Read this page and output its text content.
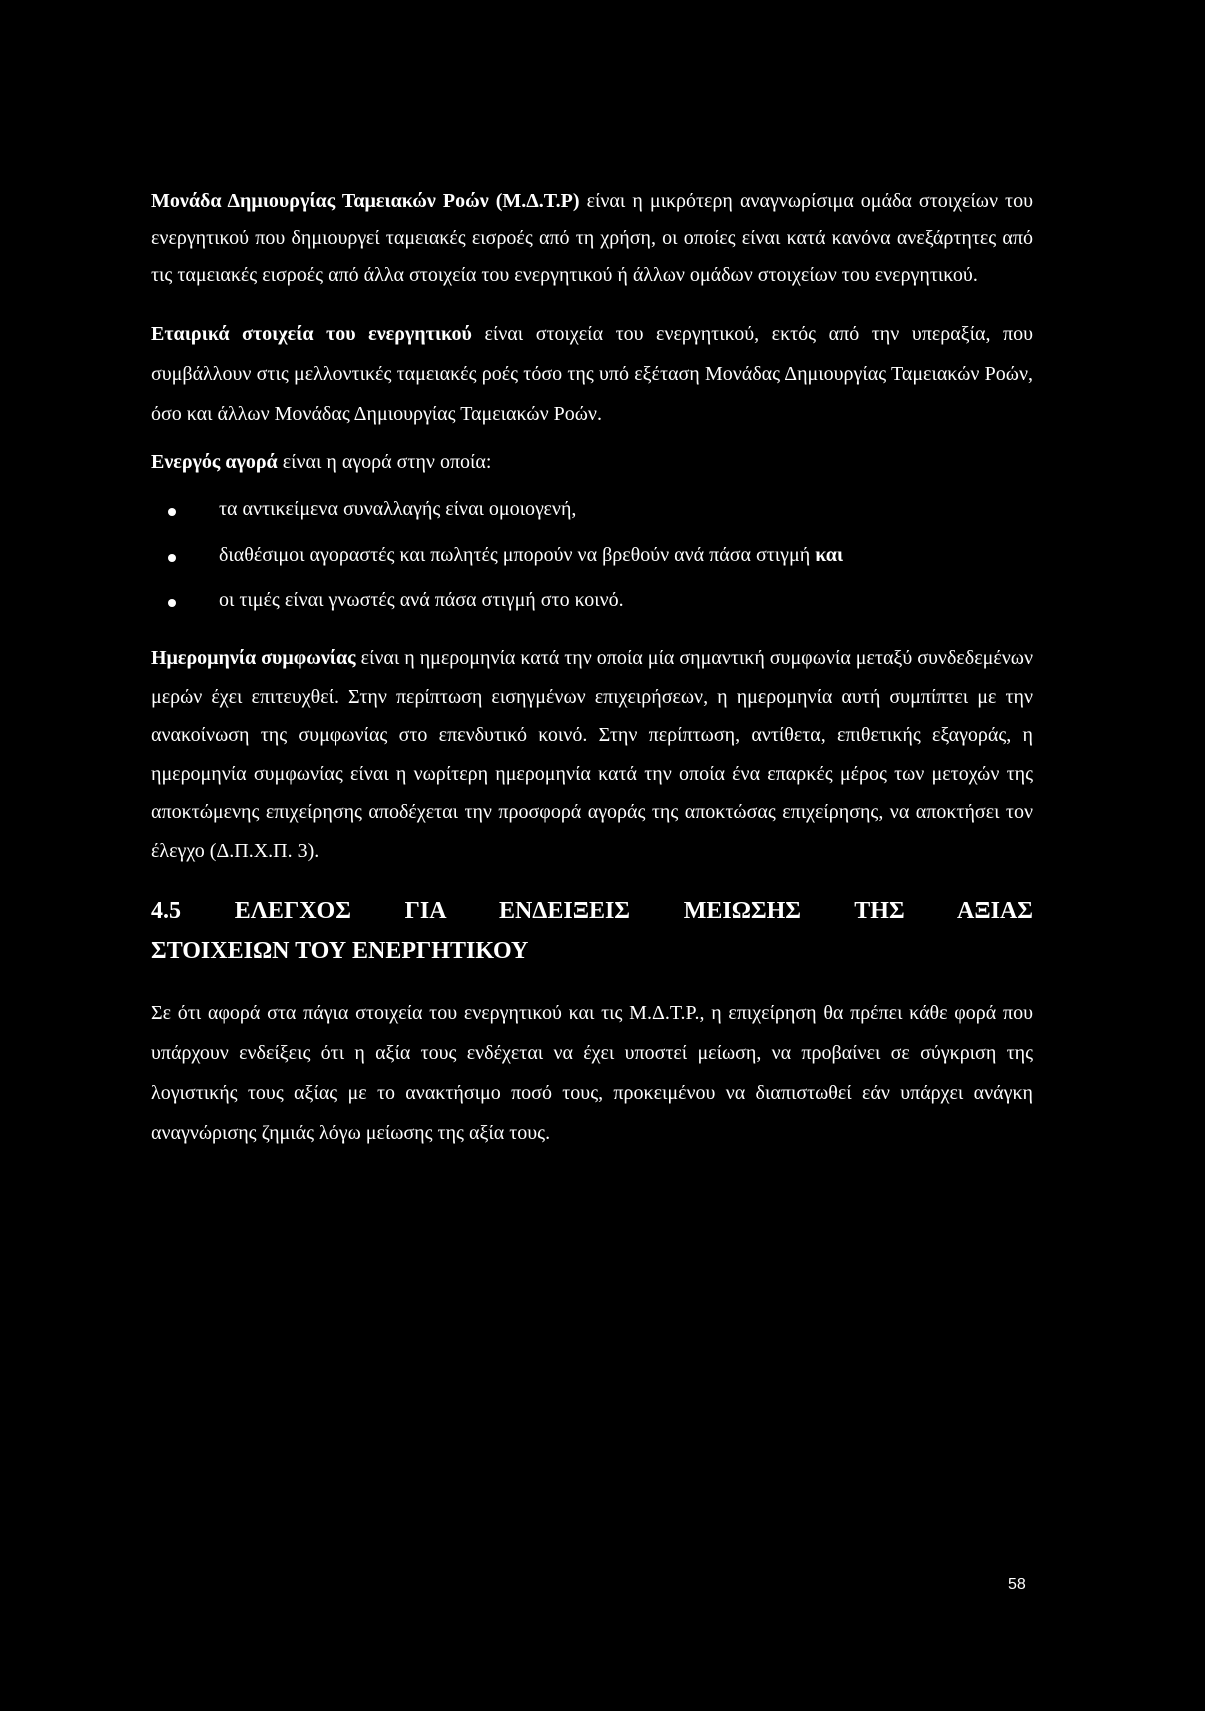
Μονάδα Δημιουργίας Ταμειακών Ροών (Μ.Δ.Τ.Ρ) είναι η μικρότερη αναγνωρίσιμα ομάδα στοιχείων του ενεργητικού που δημιουργεί ταμειακές εισροές από τη χρήση, οι οποίες είναι κατά κανόνα ανεξάρτητες από τις ταμειακές εισροές από άλλα στοιχεία του ενεργητικού ή άλλων ομάδων στοιχείων του ενεργητικού.

Εταιρικά στοιχεία του ενεργητικού είναι στοιχεία του ενεργητικού, εκτός από την υπεραξία, που συμβάλλουν στις μελλοντικές ταμειακές ροές τόσο της υπό εξέταση Μονάδας Δημιουργίας Ταμειακών Ροών, όσο και άλλων Μονάδας Δημιουργίας Ταμειακών Ροών.

Ενεργός αγορά είναι η αγορά στην οποία:

τα αντικείμενα συναλλαγής είναι ομοιογενή,
διαθέσιμοι αγοραστές και πωλητές μπορούν να βρεθούν ανά πάσα στιγμή και
οι τιμές είναι γνωστές ανά πάσα στιγμή στο κοινό.

Ημερομηνία συμφωνίας είναι η ημερομηνία κατά την οποία μία σημαντική συμφωνία μεταξύ συνδεδεμένων μερών έχει επιτευχθεί. Στην περίπτωση εισηγμένων επιχειρήσεων, η ημερομηνία αυτή συμπίπτει με την ανακοίνωση της συμφωνίας στο επενδυτικό κοινό. Στην περίπτωση, αντίθετα, επιθετικής εξαγοράς, η ημερομηνία συμφωνίας είναι η νωρίτερη ημερομηνία κατά την οποία ένα επαρκές μέρος των μετοχών της αποκτώμενης επιχείρησης αποδέχεται την προσφορά αγοράς της αποκτώσας επιχείρησης, να αποκτήσει τον έλεγχο (Δ.Π.Χ.Π. 3).

4.5 ΕΛΕΓΧΟΣ ΓΙΑ ΕΝΔΕΙΞΕΙΣ ΜΕΙΩΣΗΣ ΤΗΣ ΑΞΙΑΣ
ΣΤΟΙΧΕΙΩΝ ΤΟΥ ΕΝΕΡΓΗΤΙΚΟΥ

Σε ότι αφορά στα πάγια στοιχεία του ενεργητικού και τις Μ.Δ.Τ.Ρ., η επιχείρηση θα πρέπει κάθε φορά που υπάρχουν ενδείξεις ότι η αξία τους ενδέχεται να έχει υποστεί μείωση, να προβαίνει σε σύγκριση της λογιστικής τους αξίας με το ανακτήσιμο ποσό τους, προκειμένου να διαπιστωθεί εάν υπάρχει ανάγκη αναγνώρισης ζημιάς λόγω μείωσης της αξία τους.

58
